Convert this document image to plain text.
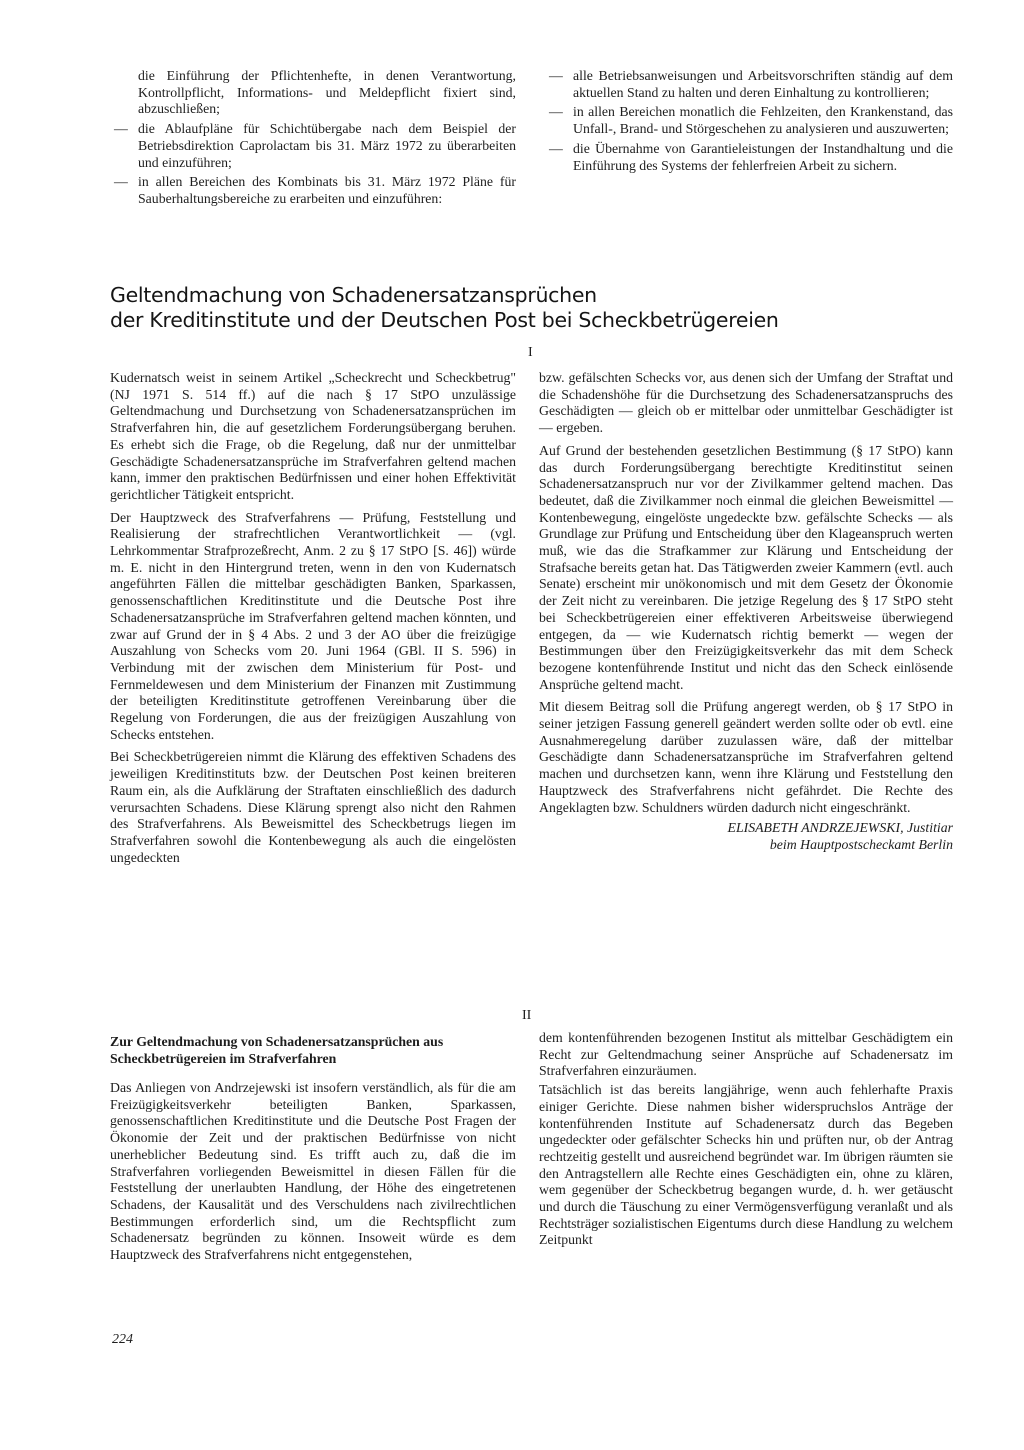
die Einführung der Pflichtenhefte, in denen Verantwortung, Kontrollpflicht, Informations- und Meldepflicht fixiert sind, abzuschließen;
— die Ablaufpläne für Schichtübergabe nach dem Beispiel der Betriebsdirektion Caprolactam bis 31. März 1972 zu überarbeiten und einzuführen;
— in allen Bereichen des Kombinats bis 31. März 1972 Pläne für Sauberhaltungsbereiche zu erarbeiten und einzuführen:
— alle Betriebsanweisungen und Arbeitsvorschriften ständig auf dem aktuellen Stand zu halten und deren Einhaltung zu kontrollieren;
— in allen Bereichen monatlich die Fehlzeiten, den Krankenstand, das Unfall-, Brand- und Störgeschehen zu analysieren und auszuwerten;
— die Übernahme von Garantieleistungen der Instandhaltung und die Einführung des Systems der fehlerfreien Arbeit zu sichern.
Geltendmachung von Schadenersatzansprüchen
der Kreditinstitute und der Deutschen Post bei Scheckbetrügereien
I

Kudernatsch weist in seinem Artikel „Scheckrecht und Scheckbetrug" (NJ 1971 S. 514 ff.) auf die nach § 17 StPO unzulässige Geltendmachung und Durchsetzung von Schadenersatzansprüchen im Strafverfahren hin, die auf gesetzlichem Forderungsübergang beruhen. Es erhebt sich die Frage, ob die Regelung, daß nur der unmittelbar Geschädigte Schadenersatzansprüche im Strafverfahren geltend machen kann, immer den praktischen Bedürfnissen und einer hohen Effektivität gerichtlicher Tätigkeit entspricht.

Der Hauptzweck des Strafverfahrens — Prüfung, Feststellung und Realisierung der strafrechtlichen Verantwortlichkeit — (vgl. Lehrkommentar Strafprozeßrecht, Anm. 2 zu § 17 StPO [S. 46]) würde m. E. nicht in den Hintergrund treten, wenn in den von Kudernatsch angeführten Fällen die mittelbar geschädigten Banken, Sparkassen, genossenschaftlichen Kreditinstitute und die Deutsche Post ihre Schadenersatzansprüche im Strafverfahren geltend machen könnten, und zwar auf Grund der in § 4 Abs. 2 und 3 der AO über die freizügige Auszahlung von Schecks vom 20. Juni 1964 (GBl. II S. 596) in Verbindung mit der zwischen dem Ministerium für Post- und Fernmeldewesen und dem Ministerium der Finanzen mit Zustimmung der beteiligten Kreditinstitute getroffenen Vereinbarung über die Regelung von Forderungen, die aus der freizügigen Auszahlung von Schecks entstehen.

Bei Scheckbetrügereien nimmt die Klärung des effektiven Schadens des jeweiligen Kreditinstituts bzw. der Deutschen Post keinen breiteren Raum ein, als die Aufklärung der Straftaten einschließlich des dadurch verursachten Schadens. Diese Klärung sprengt also nicht den Rahmen des Strafverfahrens. Als Beweismittel des Scheckbetrugs liegen im Strafverfahren sowohl die Kontenbewegung als auch die eingelösten ungedeckten

bzw. gefälschten Schecks vor, aus denen sich der Umfang der Straftat und die Schadenshöhe für die Durchsetzung des Schadenersatzanspruchs des Geschädigten — gleich ob er mittelbar oder unmittelbar Geschädigter ist — ergeben.

Auf Grund der bestehenden gesetzlichen Bestimmung (§ 17 StPO) kann das durch Forderungsübergang berechtigte Kreditinstitut seinen Schadenersatzanspruch nur vor der Zivilkammer geltend machen. Das bedeutet, daß die Zivilkammer noch einmal die gleichen Beweismittel — Kontenbewegung, eingelöste ungedeckte bzw. gefälschte Schecks — als Grundlage zur Prüfung und Entscheidung über den Klageanspruch werten muß, wie das die Strafkammer zur Klärung und Entscheidung der Strafsache bereits getan hat. Das Tätigwerden zweier Kammern (evtl. auch Senate) erscheint mir unökonomisch und mit dem Gesetz der Ökonomie der Zeit nicht zu vereinbaren. Die jetzige Regelung des § 17 StPO steht bei Scheckbetrügereien einer effektiveren Arbeitsweise überwiegend entgegen, da — wie Kudernatsch richtig bemerkt — wegen der Bestimmungen über den Freizügigkeitsverkehr das mit dem Scheck bezogene kontenführende Institut und nicht das den Scheck einlösende Ansprüche geltend macht.

Mit diesem Beitrag soll die Prüfung angeregt werden, ob § 17 StPO in seiner jetzigen Fassung generell geändert werden sollte oder ob evtl. eine Ausnahmeregelung darüber zuzulassen wäre, daß der mittelbar Geschädigte dann Schadenersatzansprüche im Strafverfahren geltend machen und durchsetzen kann, wenn ihre Klärung und Feststellung den Hauptzweck des Strafverfahrens nicht gefährdet. Die Rechte des Angeklagten bzw. Schuldners würden dadurch nicht eingeschränkt.

ELISABETH ANDRZEJEWSKI, Justitiar
beim Hauptpostscheckamt Berlin
II
Zur Geltendmachung von Schadenersatzansprüchen aus Scheckbetrügereien im Strafverfahren

Das Anliegen von Andrzejewski ist insofern verständlich, als für die am Freizügigkeitsverkehr beteiligten Banken, Sparkassen, genossenschaftlichen Kreditinstitute und die Deutsche Post Fragen der Ökonomie der Zeit und der praktischen Bedürfnisse von nicht unerheblicher Bedeutung sind. Es trifft auch zu, daß die im Strafverfahren vorliegenden Beweismittel in diesen Fällen für die Feststellung der unerlaubten Handlung, der Höhe des eingetretenen Schadens, der Kausalität und des Verschuldens nach zivilrechtlichen Bestimmungen erforderlich sind, um die Rechtspflicht zum Schadenersatz begründen zu können. Insoweit würde es dem Hauptzweck des Strafverfahrens nicht entgegenstehen,

dem kontenführenden bezogenen Institut als mittelbar Geschädigtem ein Recht zur Geltendmachung seiner Ansprüche auf Schadenersatz im Strafverfahren einzuräumen.

Tatsächlich ist das bereits langjährige, wenn auch fehlerhafte Praxis einiger Gerichte. Diese nahmen bisher widerspruchslos Anträge der kontenführenden Institute auf Schadenersatz durch das Begeben ungedeckter oder gefälschter Schecks hin und prüften nur, ob der Antrag rechtzeitig gestellt und ausreichend begründet war. Im übrigen räumten sie den Antragstellern alle Rechte eines Geschädigten ein, ohne zu klären, wem gegenüber der Scheckbetrug begangen wurde, d. h. wer getäuscht und durch die Täuschung zu einer Vermögensverfügung veranlaßt und als Rechtsträger sozialistischen Eigentums durch diese Handlung zu welchem Zeitpunkt

224
